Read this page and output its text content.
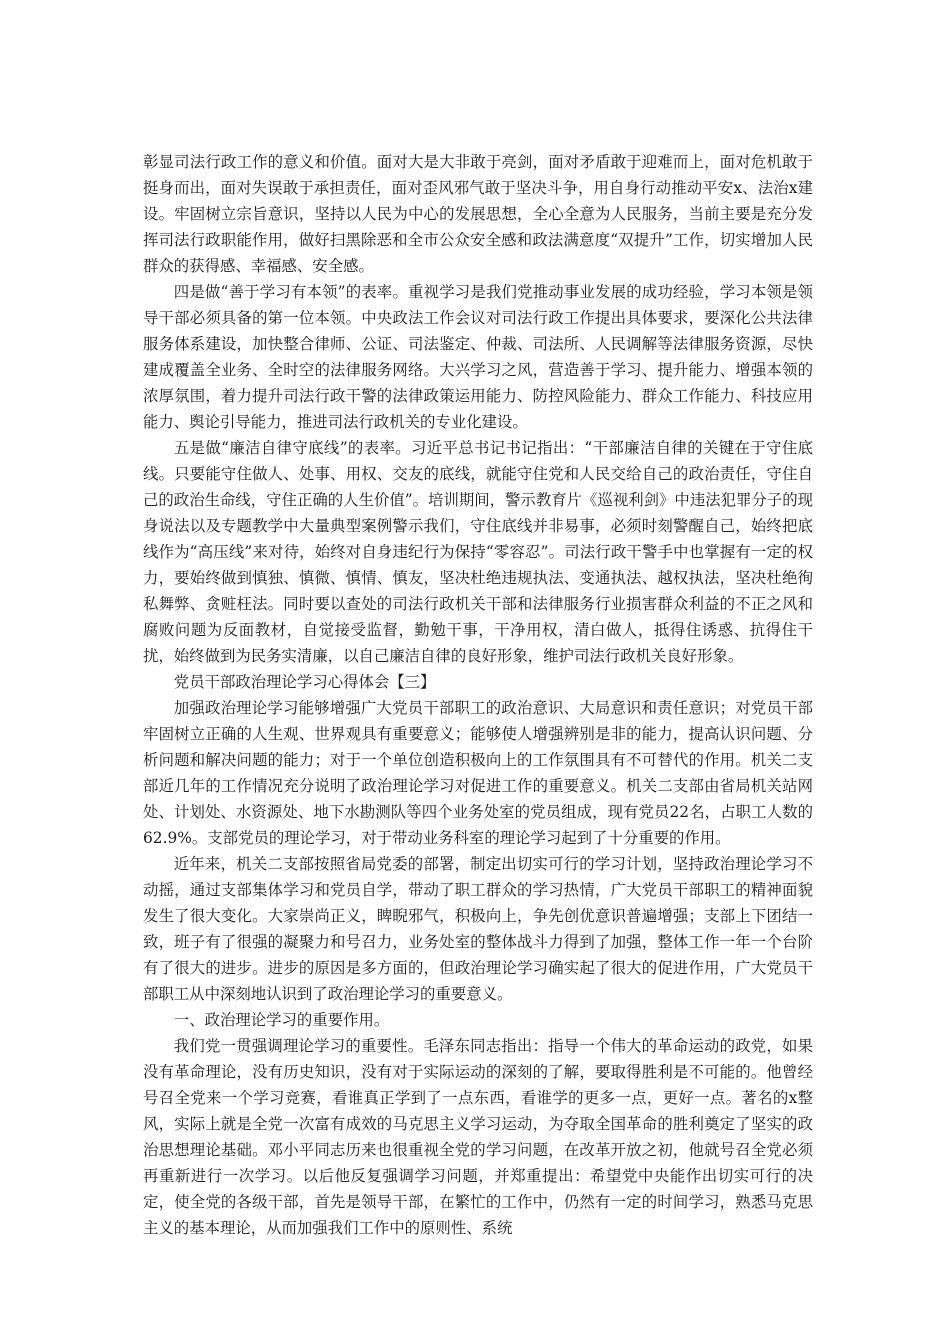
彰显司法行政工作的意义和价值。面对大是大非敢于亮剑，面对矛盾敢于迎难而上，面对危机敢于挺身而出，面对失误敢于承担责任，面对歪风邪气敢于坚决斗争，用自身行动推动平安x、法治x建设。牢固树立宗旨意识，坚持以人民为中心的发展思想，全心全意为人民服务，当前主要是充分发挥司法行政职能作用，做好扫黑除恶和全市公众安全感和政法满意度“双提升”工作，切实增加人民群众的获得感、幸福感、安全感。

四是做“善于学习有本领”的表率。重视学习是我们党推动事业发展的成功经验，学习本领是领导干部必须具备的第一位本领。中央政法工作会议对司法行政工作提出具体要求，要深化公共法律服务体系建设，加快整合律师、公证、司法鉴定、仲裁、司法所、人民调解等法律服务资源，尽快建成覆盖全业务、全时空的法律服务网络。大兴学习之风，营造善于学习、提升能力、增强本领的浓厚氛围，着力提升司法行政干警的法律政策运用能力、防控风险能力、群众工作能力、科技应用能力、舆论引导能力，推进司法行政机关的专业化建设。

五是做“廉洁自律守底线”的表率。习近平总书记书记指出：“干部廉洁自律的关键在于守住底线。只要能守住做人、处事、用权、交友的底线，就能守住党和人民交给自己的政治责任，守住自己的政治生命线，守住正确的人生价值”。培训期间，警示教育片《巡视利剑》中违法犯罪分子的现身说法以及专题教学中大量典型案例警示我们，守住底线并非易事，必须时刻警醒自己，始终把底线作为“高压线”来对待，始终对自身违纪行为保持“零容忍”。司法行政干警手中也掌握有一定的权力，要始终做到慎独、慎微、慎情、慎友，坚决杜绝违规执法、变通执法、越权执法，坚决杜绝徇私舞弊、贪赃枉法。同时要以查处的司法行政机关干部和法律服务行业损害群众利益的不正之风和腐败问题为反面教材，自觉接受监督，勤勉干事，干净用权，清白做人，抵得住诱惑、抗得住干扰，始终做到为民务实清廉，以自己廉洁自律的良好形象，维护司法行政机关良好形象。

党员干部政治理论学习心得体会【三】

加强政治理论学习能够增强广大党员干部职工的政治意识、大局意识和责任意识；对党员干部牢固树立正确的人生观、世界观具有重要意义；能够使人增强辨别是非的能力，提高认识问题、分析问题和解决问题的能力；对于一个单位创造积极向上的工作氛围具有不可替代的作用。机关二支部近几年的工作情况充分说明了政治理论学习对促进工作的重要意义。机关二支部由省局机关站网处、计划处、水资源处、地下水勘测队等四个业务处室的党员组成，现有党员22名，占职工人数的62.9%。支部党员的理论学习，对于带动业务科室的理论学习起到了十分重要的作用。

近年来，机关二支部按照省局党委的部署，制定出切实可行的学习计划，坚持政治理论学习不动摇，通过支部集体学习和党员自学，带动了职工群众的学习热情，广大党员干部职工的精神面貌发生了很大变化。大家崇尚正义，睥睨邪气，积极向上，争先创优意识普遍增强；支部上下团结一致，班子有了很强的凝聚力和号召力，业务处室的整体战斗力得到了加强，整体工作一年一个台阶有了很大的进步。进步的原因是多方面的，但政治理论学习确实起了很大的促进作用，广大党员干部职工从中深刻地认识到了政治理论学习的重要意义。

一、政治理论学习的重要作用。

我们党一贯强调理论学习的重要性。毛泽东同志指出：指导一个伟大的革命运动的政党，如果没有革命理论，没有历史知识，没有对于实际运动的深刻的了解，要取得胜利是不可能的。他曾经号召全党来一个学习竞赛，看谁真正学到了一点东西，看谁学的更多一点，更好一点。著名的x整风，实际上就是全党一次富有成效的马克思主义学习运动，为夺取全国革命的胜利奠定了坚实的政治思想理论基础。邓小平同志历来也很重视全党的学习问题，在改革开放之初，他就号召全党必须再重新进行一次学习。以后他反复强调学习问题，并郑重提出：希望党中央能作出切实可行的决定，使全党的各级干部，首先是领导干部，在繁忙的工作中，仍然有一定的时间学习，熟悉马克思主义的基本理论，从而加强我们工作中的原则性、系统
